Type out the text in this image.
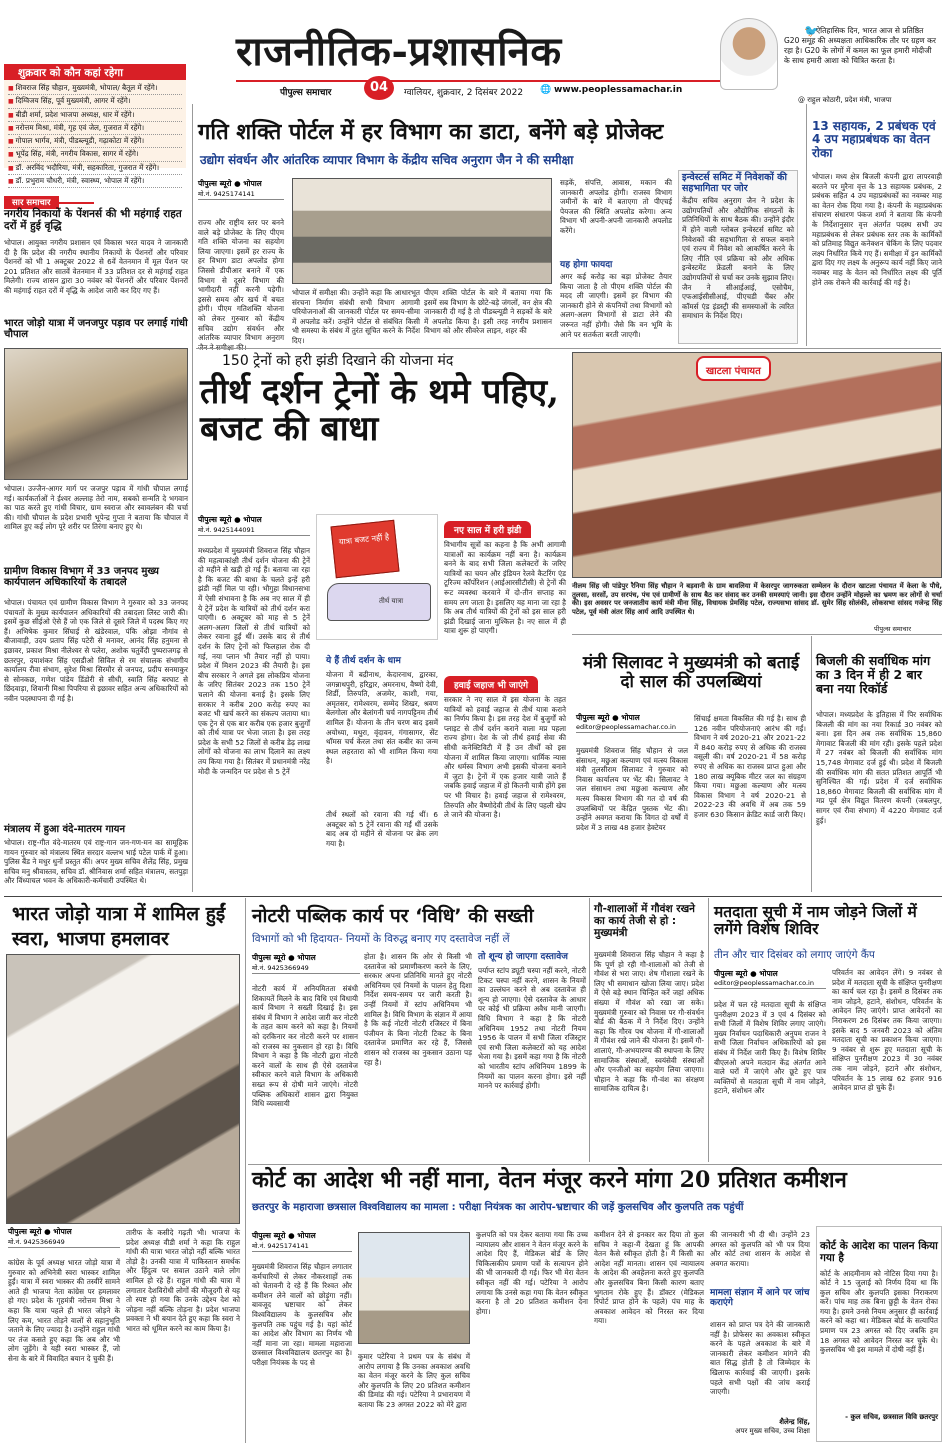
राजनीतिक-प्रशासनिक
पीपुल्स समाचार	04	ग्वालियर, शुक्रवार, 2 दिसंबर 2022 🌐 www.peoplessamachar.in
🐦
ऐतिहासिक दिन, भारत आज से प्रतिष्ठित G20 समूह की अध्यक्षता आधिकारिक तौर पर ग्रहण कर रहा है। G20 के लोगों में कमल का फूल हमारी मोदीजी के साथ हमारी आशा को चित्रित करता है।
@ राहुल कोठारी, प्रदेश मंत्री, भाजपा
शुक्रवार को कौन कहां रहेगा
■ शिवराज सिंह चौहान, मुख्यमंत्री, भोपाल/ बैतूल में रहेंगे।
■ दिग्विजय सिंह, पूर्व मुख्यमंत्री, आगर में रहेंगे।
■ बीडी शर्मा, प्रदेश भाजपा अध्यक्ष, धार में रहेंगे।
■ नरोत्तम मिश्रा, मंत्री, गृह एवं जेल, गुजरात में रहेंगे।
■ गोपाल भार्गव, मंत्री, पीडब्ल्यूडी, गढ़ाकोटा में रहेंगे।
■ भूपेंद्र सिंह, मंत्री, नगरीय विकास, सागर में रहेंगे।
■ डॉ. अरविंद भदौरिया, मंत्री, सहकारिता, गुजरात में रहेंगे।
■ डॉ. प्रभुराम चौधरी, मंत्री, स्वास्थ्य, भोपाल में रहेंगे।
सार समाचार
नगरीय निकायों के पेंशनर्स की भी महंगाई राहत दरों में हुई वृद्धि
भोपाल। आयुक्त नगरीय प्रशासन एवं विकास भरत यादव ने जानकारी दी है कि प्रदेश की नगरीय स्थानीय निकायों के पेंशनरों और परिवार पेंशनरों को भी 1 अक्टूबर 2022 से 6वें वेतनमान में मूल पेंशन पर 201 प्रतिशत और सातवें वेतनमान में 33 प्रतिशत दर से महंगाई राहत मिलेगी। राज्य शासन द्वारा 30 नवंबर को पेंशनरों और परिवार पेंशनरों की महंगाई राहत दरों में वृद्धि के आदेश जारी कर दिए गए हैं।
भारत जोड़ो यात्रा में जनजपुर पड़ाव पर लगाई गांधी चौपाल
भोपाल। उज्जैन-आगर मार्ग पर जजपुर पड़ाव में गांधी चौपाल लगाई गई। कार्यकर्ताओं ने ईश्वर अल्लाह तेरो नाम, सबको सन्मति दे भगवान का पाठ करते हुए गांधी विचार, ग्राम स्वराज और स्वावलंबन की चर्चा की। गांधी चौपाल के प्रदेश प्रभारी भूपेन्द्र गुप्ता ने बताया कि चौपाल में शामिल हुए कई लोग पूरे शरीर पर तिरंगा बनाए हुए थे।
ग्रामीण विकास विभाग में 33 जनपद मुख्य कार्यपालन अधिकारियों के तबादले
भोपाल। पंचायत एवं ग्रामीण विकास विभाग ने गुरुवार को 33 जनपद पंचायतों के मुख्य कार्यपालन अधिकारियों की तबादला लिस्ट जारी की। इसमें कुछ सीईओ ऐसे हैं जो एक जिले से दूसरे जिले में पदस्थ किए गए हैं। अभिषेक कुमार सिंघाई से खंडेरवाल, पंकि ओझा नौगांव से बीजावाड़ी, उदय प्रताप सिंह पटेरी से मनावर, आनंद सिंह हनुमना से इछावर, प्रकाश मिश्रा नीलेश्वर से पलेरा, अशोक चतुर्वेदी पुष्पराजगढ़ से छतरपुर, दयाशंकर सिंह एसडीओ सिविल से रम संचालक संभागीय कार्यालय रीवा संभाग, सुरेश मिश्रा सिरमौर से जनपद, प्रदीप सनमाकुर से सोनकछ, गणेश पांडेय डिंडोरी से सीधी, स्वाति सिंह बरघाट से छिंदवाड़ा, शिवानी मिश्रा पिपरिया से इछावर सहित अन्य अधिकारियों को नवीन पदस्थापना दी गई है।
मंत्रालय में हुआ वंदे-मातरम गायन
भोपाल। राष्ट्र-गीत वंदे-मातरम एवं राष्ट्र-गान जन-गण-मन का सामूहिक गायन गुरुवार को मंत्रालय स्थित सरदार वल्लभ भाई पटेल पार्क में हुआ। पुलिस बैंड ने मधुर धुनों प्रस्तुत कीं। अपर मुख्य सचिव शैलेंद्र सिंह, प्रमुख सचिव मनु श्रीवास्तव, सचिव डॉ. श्रीनिवास शर्मा सहित मंत्रालय, सतपुड़ा और विंध्याचल भवन के अधिकारी-कर्मचारी उपस्थित थे।
गति शक्ति पोर्टल में हर विभाग का डाटा, बनेंगे बड़े प्रोजेक्ट
उद्योग संवर्धन और आंतरिक व्यापार विभाग के केंद्रीय सचिव अनुराग जैन ने की समीक्षा
पीपुल्स ब्यूरो ● भोपाल
मो.नं. 9425174141
राज्य और राष्ट्रीय स्तर पर बनने वाले बड़े प्रोजेक्ट के लिए पीएम गति शक्ति योजना का सहयोग लिया जाएगा। इसमें हर राज्य के हर विभाग डाटा अपलोड होगा जिससे डीपीआर बनाने में एक विभाग से दूसरे विभाग की भागीदारी नहीं करनी पड़ेगी। इससे समय और खर्च में बचत होगी। पीएम गतिशक्ति योजना को लेकर गुरुवार को केंद्रीय सचिव उद्योग संवर्धन और आंतरिक व्यापार विभाग अनुराग
भोपाल में समीक्षा की। उन्होंने कहा कि आधारभूत संरचना निर्माण संबंधी सभी विभाग आगामी परियोजनाओं की जानकारी पोर्टल पर समय-सीमा में अपलोड करें। उन्होंने पोर्टल से संबंधित किसी भी समस्या के संबंध में तुरंत सूचित करने के निर्देश दिए।
पीएम शक्ति पोर्टल के बारे में बताया गया कि इसमें सब विभाग के छोटे-बड़े जंगलों, वन क्षेत्र की जानकारी दी गई है तो पीडब्ल्यूडी ने सड़कों के बारे में अपलोड किया है। इसी तरह नगरीय प्रशासन विभाग को और सीवरेज लाइन, शहर की
सड़कें, संपत्ति, आवास, मकान की जानकारी अपलोड होगी। राजस्व विभाग जमीनों के बारे में बताएगा तो पीएचई पेयजल की स्थिति अपलोड करेगा। अन्य विभाग भी अपनी-अपनी जानकारी अपलोड करेंगे।
यह होगा फायदा
अगर कई करोड़ का बड़ा प्रोजेक्ट तैयार किया जाता है तो पीएम शक्ति पोर्टल की मदद ली जाएगी। इसमें हर विभाग की जानकारी होने से कंपनियों तथा विभागों को अलग-अलग विभागों से डाटा लेने की जरूरत नहीं होगी। जैसे कि वन भूमि के आने पर सतर्कता बरती जाएगी।
इन्वेस्टर्स समिट में निवेशकों की सहभागिता पर जोर
केंद्रीय सचिव अनुराग जैन ने प्रदेश के उद्योगपतियों और औद्योगिक संगठनों के प्रतिनिधियों के साथ बैठक की। उन्होंने इंदौर में होने वाली ग्लोबल इन्वेस्टर्स समिट को निवेशकों की सहभागिता से सफल बनाने एवं राज्य में निवेश को आकर्षित करने के लिए नीति एवं प्रक्रिया को और अधिक इन्वेस्टमेंट फ्रेंडली बनाने के लिए उद्योगपतियों से चर्चा कर उनके सुझाव लिए। जैन ने सीआईआई, एसोचैम, एफआईसीसीआई, पीएचडी चैंबर और कॉमर्स एंड इंडस्ट्री की समस्याओं के त्वरित समाधान के निर्देश दिए।
13 सहायक, 2 प्रबंधक एवं 4 उप महाप्रबंधक का वेतन रोका
भोपाल। मध्य क्षेत्र बिजली कंपनी द्वारा लापरवाही बरतने पर मुरैना वृत्त के 13 सहायक प्रबंधक, 2 प्रबंधक सहित 4 उप महाप्रबंधकों का नवम्बर माह का वेतन रोक दिया गया है। कंपनी के महाप्रबंधक संचारण संधारण पंकज शर्मा ने बताया कि कंपनी के निर्देशानुसार वृत्त अंतर्गत पदस्थ सभी उप महाप्रबंधक से लेकर प्रबंधक स्तर तक के कार्मिकों को प्रतिमाह विद्युत कनेक्शन चेकिंग के लिए पदवार लक्ष्य निर्धारित किये गए हैं। समीक्षा में इन कार्मिकों द्वारा दिए गए लक्ष्य के अनुरूप कार्य नहीं किए जाने नवम्बर माह के वेतन को निर्धारित लक्ष्य की पूर्ति होने तक रोकने की कार्रवाई की गई है।
150 ट्रेनों को हरी झंडी दिखाने की योजना मंद
तीर्थ दर्शन ट्रेनों के थमे पहिए, बजट की बाधा
पीपुल्स ब्यूरो ● भोपाल
मो.नं. 9425144091
मध्यप्रदेश में मुख्यमंत्री शिवराज सिंह चौहान की महत्वाकांक्षी तीर्थ दर्शन योजना की ट्रेनें दो महीने से खड़ी हो गई हैं। बताया जा रहा है कि बजट की बाधा के चलते इन्हें हरी झंडी नहीं मिल पा रही। भौगुहा विधानसभा में ऐसी संभावना है कि अब नए साल में ही ये ट्रेनें प्रदेश के यात्रियों को तीर्थ दर्शन करा पाएंगी। 6 अक्टूबर को माह से 5 ट्रेनें अलग-अलग जिलों से तीर्थ यात्रियों को लेकर रवाना हुईं थीं। उसके बाद से तीर्थ दर्शन के लिए ट्रेनों को फिलहाल रोक दी गई, नया प्लान भी तैयार नहीं हो पाया। प्रदेश में मिशन 2023 की तैयारी है। इस बीच सरकार ने अगले इस लोकप्रिय योजना के जरिए सितंबर 2023 तक 150 ट्रेनें चलाने की योजना बनाई है। इसके लिए सरकार ने करीब 200 करोड़ रुपए का बजट भी खर्च करने का संकल्प जताया था। एक ट्रेन से एक बार करीब एक हजार बुजुर्गों को तीर्थ यात्रा पर भेजा जाता है। इस तरह प्रदेश के सभी 52 जिलों से करीब डेढ़ लाख लोगों को योजना का लाभ दिलाने का लक्ष्य तय किया गया है। सितंबर में प्रधानमंत्री नरेंद्र मोदी के जन्मदिन पर प्रदेश से 5 ट्रेनें
यात्रा बजट नहीं है
तीर्थ यात्रा
ये हैं तीर्थ दर्शन के धाम
योजना में बद्रीनाथ, केदारनाथ, द्वारका, जगन्नाथपुरी, हरिद्वार, अमरनाथ, वैष्णो देवी, शिर्डी, तिरुपति, अजमेर, काशी, गया, अमृतसर, रामेश्वरम, सम्मेद शिखर, श्रवण बेलगोला और बेलांगनी चर्च नागपट्टिनम तीर्थ शामिल हैं। योजना के तीन चरण बाद इसमें अयोध्या, मथुरा, वृंदावन, गंगासागर, सेंट थॉमस चर्च केरल तथा संत कबीर का जन्म स्थल लहरतारा को भी शामिल किया गया है।
तीर्थ स्थलों को रवाना की गई थीं। 6 अक्टूबर को 5 ट्रेनें रवाना की गईं थीं उसके बाद अब दो महीने से योजना पर ब्रेक लग गया है।
नए साल में हरी झंडी
विभागीय सूत्रों का कहना है कि अभी आगामी यात्राओं का कार्यक्रम नहीं बना है। कार्यक्रम बनने के बाद सभी जिला कलेक्टरों के जरिए यात्रियों का चयन और इंडियन रेलवे कैटरिंग एंड टूरिज्म कॉर्पोरेशन (आईआरसीटीसी) से ट्रेनों की रूट व्यवस्था करवाने में दो-तीन सप्ताह का समय लग जाता है। इसलिए यह माना जा रहा है कि अब तीर्थ यात्रियों की ट्रेनों को इस साल हरी झंडी दिखाई जाना मुश्किल है। नए साल में ही यात्रा शुरू हो पाएगी।
हवाई जहाज भी जाएंगे
सरकार ने नए साल में इस योजना के तहत यात्रियों को हवाई जहाज से तीर्थ यात्रा कराने का निर्णय किया है। इस तरह देश में बुजुर्गों को प्लाइट से तीर्थ दर्शन कराने वाला मप्र पहला राज्य होगा। देश के जो तीर्थ हवाई सेवा की सीधी कनेक्टिविटी में हैं उन तीर्थों को इस योजना में शामिल किया जाएगा। धार्मिक न्यास और धर्मस्व विभाग अभी इसकी योजना बनाने में जुटा है। ट्रेनों में एक हजार यात्री जाते हैं जबकि हवाई जहाज में हो कितनी यात्री होंगे इस पर भी विचार है। हवाई जहाज से रामेश्वरम, तिरुपति और वैष्णोदेवी तीर्थ के लिए पहली खेप ले जाने की योजना है।
खाटला पंचायत
नीलम सिंह जी पांडेपुर रैनिया सिंह चौहान ने बड़वानी के ग्राम बावलिया में केसरपुर जागरुकता सम्मेलन के दौरान खाटला पंचायत में केला के पौधे, तुलसा, सरसों, उप सरपंच, पंच एवं ग्रामीणों के साथ बैठ कर संवाद कर उनकी समस्याएं जानी। इस दौरान उन्होंने मोहल्ले का भ्रमण कर लोगों से चर्चा की। इस अवसर पर जनजातीय कार्य मंत्री मीना सिंह, विधायक प्रेमसिंह पटेल, राज्यसभा सांसद डॉ. सुमेर सिंह सोलंकी, लोकसभा सांसद गजेन्द्र सिंह पटेल, पूर्व मंत्री अंतर सिंह आर्य आदि उपस्थित थे।
पीपुल्स समाचार
मंत्री सिलावट ने मुख्यमंत्री को बताई दो साल की उपलब्धियां
पीपुल्स ब्यूरो ● भोपाल
editor@peoplessamachar.co.in
मुख्यमंत्री शिवराज सिंह चौहान से जल संसाधन, मछुआ कल्याण एवं मत्स्य विकास मंत्री तुलसीराम सिलावट ने गुरुवार को निवास कार्यालय पर भेंट की। सिलावट ने जल संसाधन तथा मछुआ कल्याण और मत्स्य विकास विभाग की गत दो वर्ष की उपलब्धियों पर केंद्रित पुस्तक भेंट की। उन्होंने अवगत कराया कि विगत दो वर्षों में प्रदेश में 3 लाख 48 हजार हेक्टेयर
सिंचाई क्षमता विकसित की गई है। साथ ही 126 नवीन परियोजनाएं आरंभ की गईं। विभाग ने वर्ष 2020-21 और 2021-22 में 840 करोड़ रुपए से अधिक की राजस्व वसूली की। वर्ष 2020-21 में 58 करोड़ रुपए से अधिक का राजस्व प्राप्त हुआ और 180 लाख क्यूबिक मीटर जल का संग्रहण किया गया। मछुआ कल्याण और मत्स्य विकास विभाग ने वर्ष 2020-21 से 2022-23 की अवधि में अब तक 59 हजार 630 किसान क्रेडिट कार्ड जारी किए।
बिजली की सर्वाधिक मांग का 3 दिन में ही 2 बार बना नया रिकॉर्ड
भोपाल। मध्यप्रदेश के इतिहास में पिर सर्वाधिक बिजली की मांग का नया रिकार्ड 30 नवंबर को बना। इस दिन अब तक सर्वाधिक 15,860 मेगावाट बिजली की मांग रही। इसके पहले प्रदेश में 27 नवंबर को बिजली की सर्वाधिक मांग 15,748 मेगावाट दर्ज हुई थी। प्रदेश में बिजली की सर्वाधिक मांग की सतत प्रतिशत आपूर्ति भी सुनिश्चित की गई। प्रदेश में दर्ज सर्वाधिक 18,860 मेगावाट बिजली की सर्वाधिक मांग में मप्र पूर्व क्षेत्र विद्युत वितरण कंपनी (जबलपुर, सागर एवं रीवा संभाग) में 4220 मेगावाट दर्ज हुई।
भारत जोड़ो यात्रा में शामिल हुईं स्वरा, भाजपा हमलावर
पीपुल्स ब्यूरो ● भोपाल
मो.नं. 9425366949
कांग्रेस के पूर्व अध्यक्ष भारत जोड़ो यात्रा में गुरुवार को अभिनेत्री स्वरा भास्कर शामिल हुईं। यात्रा में स्वरा भास्कर की तस्वीरें सामने आते ही भाजपा नेता कांग्रेस पर हमलावर हो गए। प्रदेश के गृहमंत्री नरोत्तम मिश्रा ने कहा कि यात्रा पहले ही भारत जोड़ने के लिए कम, भारत तोड़ने वालों से सहानुभूति जताने के लिए ज्यादा है। उन्होंने राहुल गांधी पर तंज कसते हुए कहा कि अब और भी लोग जुड़ेंगे। वे यही स्वरा भास्कर हैं, जो सेना के बारे में विवादित बयान दे चुकी हैं।
तारीफ के कसीदे गढ़ती भी। भाजपा के प्रदेश अध्यक्ष वीडी शर्मा ने कहा कि राहुल गांधी की यात्रा भारत जोड़ो नहीं बल्कि भारत तोड़ो है। उनकी यात्रा में पाकिस्तान समर्थक और हिंदुत्व पर सवाल उठाने वाले लोग शामिल हो रहे हैं। राहुल गांधी की यात्रा में लगातार देशविरोधी लोगों की मौजूदगी से यह तो स्पष्ट हो गया कि उनके उद्देश्य देश को जोड़ना नहीं बल्कि तोड़ना है। प्रदेश भाजपा प्रवक्ता ने भी बयान देते हुए कहा कि स्वरा ने भारत को धूमिल करने का काम किया है।
नोटरी पब्लिक कार्य पर ‘विधि’ की सख्ती
विभागों को भी हिदायत- नियमों के विरुद्ध बनाए गए दस्तावेज नहीं लें
पीपुल्स ब्यूरो ● भोपाल
मो.नं. 9425366949
नोटरी कार्य में अनियमितता संबंधी शिकायतें मिलने के बाद विधि एवं विधायी कार्य विभाग ने सख्ती दिखाई है। इस संबंध में विभाग ने आदेश जारी कर नोटरी के तहत काम करने को कहा है। नियमों को दरकिनार कर नोटरी करने पर शासन को राजस्व का नुकसान हो रहा है। विधि विभाग ने कहा है कि नोटरी द्वारा नोटरी करने वालों के साथ ही ऐसे दस्तावेज स्वीकार करने वाले विभाग के अधिकारी सख्त रूप से दोषी माने जाएंगे। नोटरी पब्लिक अधिकारों शासन द्वारा नियुक्त विधि व्यवसायी
होता है। शासन कि ओर से किसी भी दस्तावेज को प्रमाणीकरण करने के लिए, सरकार अपना प्रतिनिधि मानते हुए नोटरी अधिनियम एवं नियमों के पालन हेतु दिशा निर्देश समय-समय पर जारी करती है। उन्हीं नियमों में स्टांप अधिनियम भी शामिल है। विधि विभाग के संज्ञान में आया है कि कई नोटरी नोटरी रजिस्टर में बिना पंजीयन के बिना नोटरी टिकट के बिना दस्तावेज प्रमाणित कर रहे हैं, जिससे शासन को राजस्व का नुकसान उठाना पड़ रहा है।
तो शून्य हो जाएगा दस्तावेज
पर्याप्त स्टांप ड्यूटी चस्पा नहीं करने, नोटरी टिकट चस्पा नहीं करने, शासन के नियमों का उल्लंघन करने से अब दस्तावेज ही शून्य हो जाएगा। ऐसे दस्तावेज के आधार पर कोई भी प्रक्रिया अवैध मानी जाएगी। विधि विभाग ने कहा है कि नोटरी अधिनियम 1952 तथा नोटरी नियम 1956 के पालन में सभी जिला रजिस्ट्रार एवं सभी जिला कलेक्टरों को यह आदेश भेजा गया है। इसमें कहा गया है कि नोटरी को भारतीय स्टांप अधिनियम 1899 के नियमों का पालन करना होगा। इसे नहीं मानने पर कार्रवाई होगी।
गौ-शालाओं में गौवंश रखने का कार्य तेजी से हो : मुख्यमंत्री
मुख्यमंत्री शिवराज सिंह चौहान ने कहा है कि पूर्ण हो रही गौ-शालाओं को तेजी से गौवंश से भरा जाए। शेष गौशाला रखने के लिए भी समाधान खोजा लिया जाए। प्रदेश में ऐसे बड़े स्थान चिन्हित करें जहां अधिक संख्या में गौवंश को रखा जा सके। मुख्यमंत्री गुरुवार को निवास पर गौ-संवर्धन बोर्ड की बैठक में ने निर्देश दिए। उन्होंने कहा कि गौरव पथ योजना में गौ-शालाओं में गौवंश रखे जाने की योजना है। इसमें गौ-शालाएं, गौ-अभयारण्य की स्थापना के लिए सामाजिक संस्थाओं, स्वयंसेवी संस्थाओं और एनजीओ का सहयोग लिया जाएगा। चौहान ने कहा कि गौ-वंश का संरक्षण सामाजिक दायित्व है।
मतदाता सूची में नाम जोड़ने जिलों में लगेंगे विशेष शिविर
तीन और चार दिसंबर को लगाए जाएंगे कैंप
पीपुल्स ब्यूरो ● भोपाल
editor@peoplessamachar.co.in
प्रदेश में चल रहे मतदाता सूची के संक्षिप्त पुनरीक्षण 2023 में 3 एवं 4 दिसंबर को सभी जिलों में विशेष शिविर लगाए जाएंगे। मुख्य निर्वाचन पदाधिकारी अनुपम राजन ने सभी जिला निर्वाचन अधिकारियों को इस संबंध में निर्देश जारी किए हैं। विशेष शिविर बीएलओ अपने मतदान केंद्र अंतर्गत आने वाले घरों में जाएंगे और छूटे हुए पात्र व्यक्तियों से मतदाता सूची में नाम जोड़ने, हटाने, संशोधन और
परिवर्तन का आवेदन लेंगे। 9 नवंबर से प्रदेश में मतदाता सूची के संक्षिप्त पुनरीक्षण का कार्य चल रहा है। इसमें 8 दिसंबर तक नाम जोड़ने, हटाने, संशोधन, परिवर्तन के आवेदन लिए जाएंगे। प्राप्त आवेदनों का निराकरण 26 दिसंबर तक किया जाएगा। इसके बाद 5 जनवरी 2023 को अंतिम मतदाता सूची का प्रकाशन किया जाएगा। 9 नवंबर से शुरू हुए मतदाता सूची के संक्षिप्त पुनरीक्षण 2023 में 30 नवंबर तक नाम जोड़ने, हटाने और संशोधन, परिवर्तन के 15 लाख 62 हजार 916 आवेदन प्राप्त हो चुके हैं।
कोर्ट का आदेश भी नहीं माना, वेतन मंजूर करने मांगा 20 प्रतिशत कमीशन
छतरपुर के महाराजा छत्रसाल विश्वविद्यालय का मामला : परीक्षा नियंत्रक का आरोप-भ्रष्टाचार की जड़ें कुलसचिव और कुलपति तक पहुंचीं
पीपुल्स ब्यूरो ● भोपाल
मो.नं. 9425174141
मुख्यमंत्री शिवराज सिंह चौहान लगातार कर्मचारियों से लेकर नौकरशाहों तक को चेतावनी दे रहे हैं कि रिश्वत और कमीशन लेने वालों को छोड़ूंगा नहीं। बावजूद भ्रष्टाचार को लेकर विश्वविद्यालय के कुलसचिव और कुलपति तक पहुंच गई है। यहां कोर्ट का आदेश और विभाग का निर्णय भी नहीं माना जा रहा। मामला महाराजा छत्रसाल विश्वविद्यालय छतरपुर का है। परीक्षा नियंत्रक के पद से
कुमार पटेरिया ने प्रथम पत्र के संबंध में आरोप लगाया है कि उनका अवकाश अवधि का वेतन मंजूर करने के लिए कुल सचिव और कुलपति के लिए 20 प्रतिशत कमीशन की डिमांड की गई। पटेरिया ने प्रभारायण में बताया कि 23 अगस्त 2022 को मेरे द्वारा
कुलपति को पत्र देकर बताया गया कि उच्च न्यायालय और शासन ने वेतन मंजूर करने के आदेश दिए हैं, मेडिकल बोर्ड के लिए चिकित्सकीय प्रमाण पत्रों के सत्यापन होने की भी जानकारी दी गई। फिर भी मेरा वेतन स्वीकृत नहीं की गई। पटेरिया ने आरोप लगाया कि उनसे कहा गया कि वेतन स्वीकृत करना है तो 20 प्रतिशत कमीशन देना होगा।
कमीशन देने से इनकार कर दिया तो कुल सचिव ने कहा-मैं देखता हूं कि आपकी वेतन कैसे स्वीकृत होती है। मैं किसी का आदेश नहीं मानता। शासन एवं न्यायालय के आदेश की अवहेलना करते हुए कुलपति और कुलसचिव बिना किसी कारण बताए भुगतान रोके हुए हैं। डॉक्टर (मेडिकल रिपोर्ट प्राप्त होने के पहले) पंच माह के अवकाश आवेदन को निरस्त कर दिया गया।
की जानकारी भी दी थी। उन्होंने 23 अगस्त को कुलपति को भी पत्र दिया और कोर्ट तथा शासन के आदेश से अवगत कराया।
मामला संज्ञान में आने पर जांच कराएंगे
शासन को प्राप्त पत्र देने की जानकारी नहीं है। प्रोफेसर का अवकाश स्वीकृत करने के पहले अवकाश के बारे में जानकारी लेकर कमीशन मांगने की बात सिद्ध होती है तो जिम्मेदार के खिलाफ कार्रवाई की जाएगी। इसके पहले सभी पक्षों की जांच कराई जाएगी।
शैलेन्द्र सिंह,
अपर मुख्य सचिव, उच्च शिक्षा
कोर्ट के आदेश का पालन किया गया है
कोर्ट के आदमीनाम को नोटिस दिया गया है। कोर्ट ने 15 जुलाई को निर्णय दिया था कि कुल सचिव और कुलपति इसका निराकरण करें। पांच माह तक बिना छुट्टी के वेतन रोका गया है। हमने उनसे नियम अनुसार ही कार्रवाई करने को कहा था। मेडिकल बोर्ड के सत्यापित प्रमाण पत्र 23 अगस्त को दिए जबकि हम 18 अगस्त को आवेदन निरस्त कर चुके थे। कुलसचिव भी इस मामले में दोषी नहीं हैं।
- कुल सचिव, छत्रसाल विवि छतरपुर
